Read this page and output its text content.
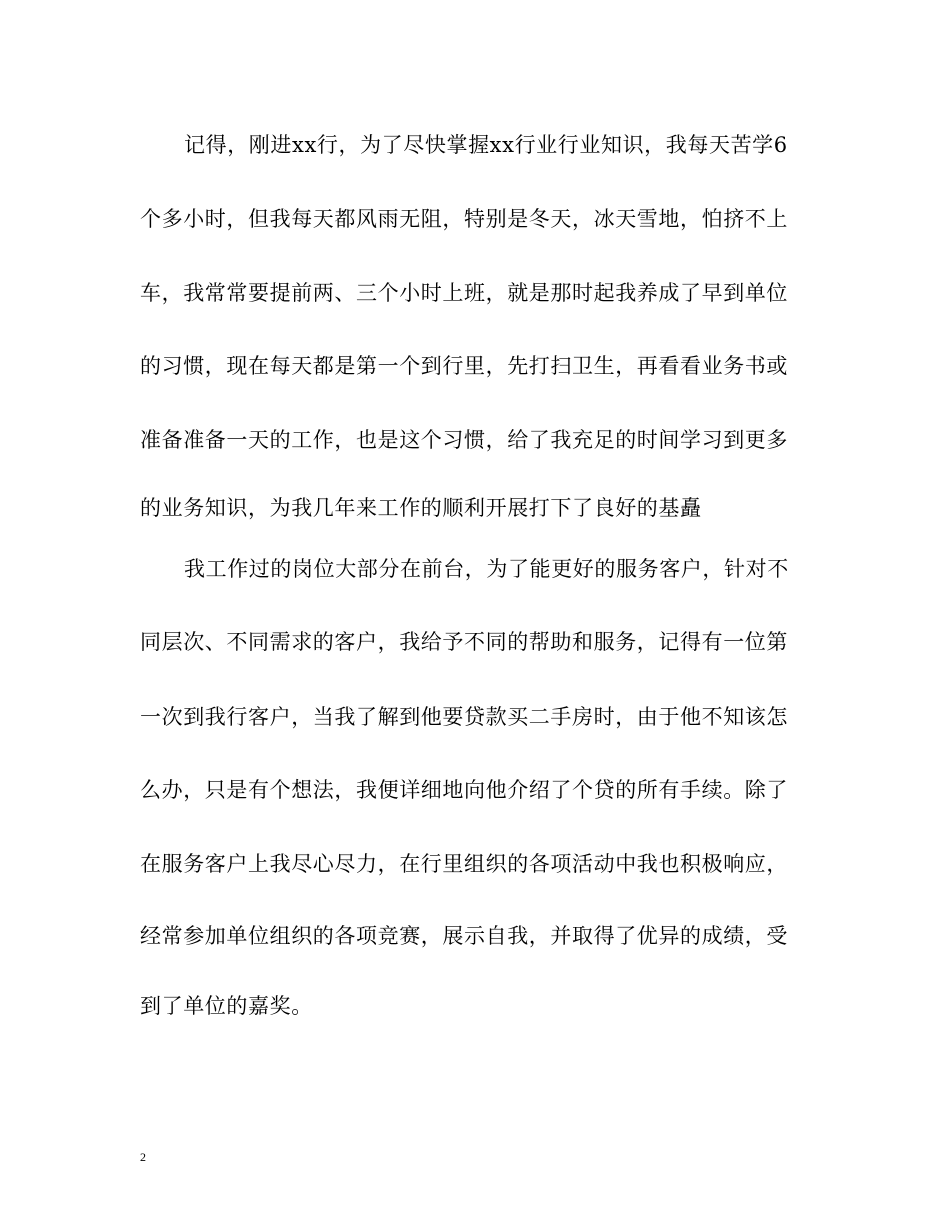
记得，刚进xx行，为了尽快掌握xx行业行业知识，我每天苦学6
个多小时，但我每天都风雨无阻，特别是冬天，冰天雪地，怕挤不上
车，我常常要提前两、三个小时上班，就是那时起我养成了早到单位
的习惯，现在每天都是第一个到行里，先打扫卫生，再看看业务书或
准备准备一天的工作，也是这个习惯，给了我充足的时间学习到更多
的业务知识，为我几年来工作的顺利开展打下了良好的基矗
我工作过的岗位大部分在前台，为了能更好的服务客户，针对不
同层次、不同需求的客户，我给予不同的帮助和服务，记得有一位第
一次到我行客户，当我了解到他要贷款买二手房时，由于他不知该怎
么办，只是有个想法，我便详细地向他介绍了个贷的所有手续。除了
在服务客户上我尽心尽力，在行里组织的各项活动中我也积极响应，
经常参加单位组织的各项竞赛，展示自我，并取得了优异的成绩，受
到了单位的嘉奖。
2
